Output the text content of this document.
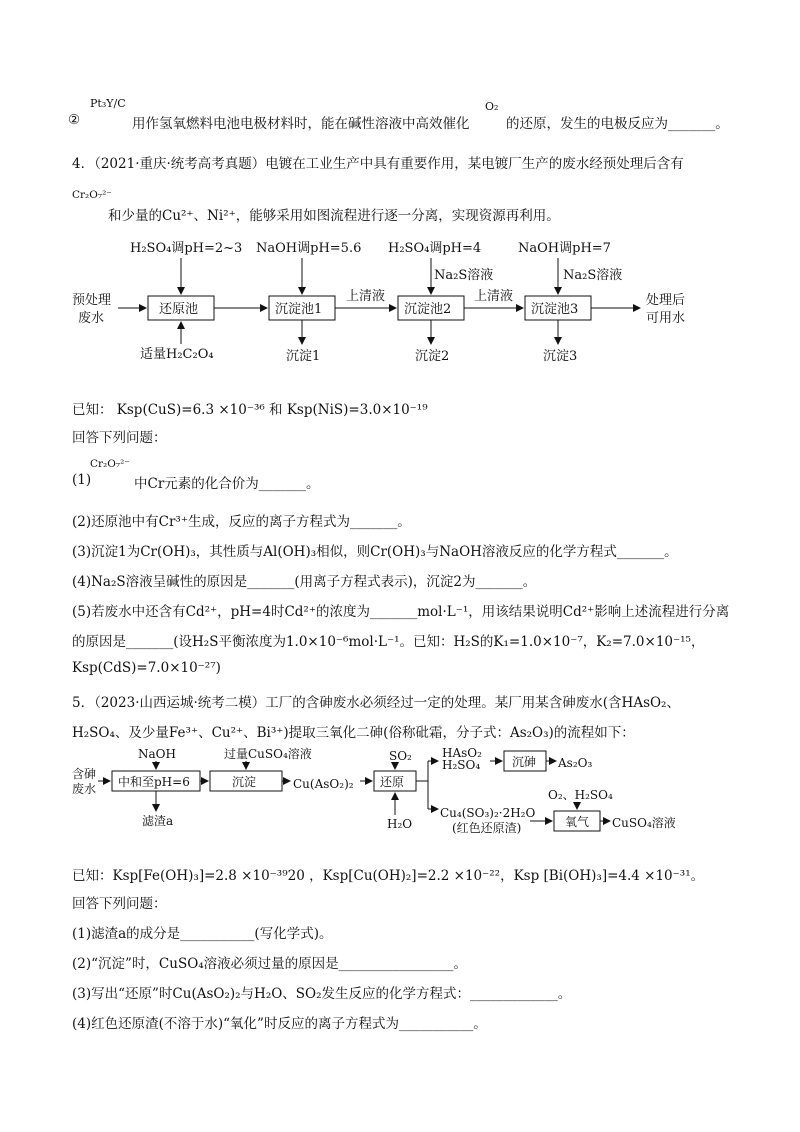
②
Pt₃Y/C
用作氢氧燃料电池电极材料时，能在碱性溶液中高效催化
O₂
的还原，发生的电极反应为_______。
4．（2021·重庆·统考高考真题）电镀在工业生产中具有重要作用，某电镀厂生产的废水经预处理后含有
Cr₂O₇²⁻
和少量的Cu²⁺、Ni²⁺，能够采用如图流程进行逐一分离，实现资源再利用。
预处理
废水
处理后
可用水
H₂SO₄调pH=2~3 NaOH调pH=5.6 H₂SO₄调pH=4	NaOH调pH=7
Na₂S溶液	Na₂S溶液
适量H₂C₂O₄
上清液	上清液
沉淀1	沉淀2	沉淀3
还原池	沉淀池1	沉淀池2	沉淀池3
已知： Ksp(CuS)=6.3 ×10⁻³⁶ 和 Ksp(NiS)=3.0×10⁻¹⁹
回答下列问题：
(1)
Cr₂O₇²⁻
中Cr元素的化合价为_______。
(2)还原池中有Cr³⁺生成，反应的离子方程式为_______。
(3)沉淀1为Cr(OH)₃，其性质与Al(OH)₃相似，则Cr(OH)₃与NaOH溶液反应的化学方程式_______。
(4)Na₂S溶液呈碱性的原因是_______(用离子方程式表示)，沉淀2为_______。
(5)若废水中还含有Cd²⁺，pH=4时Cd²⁺的浓度为_______mol·L⁻¹，用该结果说明Cd²⁺影响上述流程进行分离
的原因是_______(设H₂S平衡浓度为1.0×10⁻⁶mol·L⁻¹。已知：H₂S的K₁=1.0×10⁻⁷，K₂=7.0×10⁻¹⁵，
Ksp(CdS)=7.0×10⁻²⁷)
5．（2023·山西运城·统考二模）工厂的含砷废水必须经过一定的处理。某厂用某含砷废水(含HAsO₂、
H₂SO₄、及少量Fe³⁺、Cu²⁺、Bi³⁺)提取三氧化二砷(俗称砒霜，分子式：As₂O₃)的流程如下：
含砷
废水
NaOH	过量CuSO₄溶液
滤渣a
Cu(AsO₂)₂
SO₂
H₂O
HAsO₂
H₂SO₄	As₂O₃
Cu₄(SO₃)₂·2H₂O
(红色还原渣)
O₂、H₂SO₄
CuSO₄溶液
中和至pH=6	沉淀	还原
沉砷
氧气
已知：Ksp[Fe(OH)₃]=2.8 ×10⁻³⁹20 ，Ksp[Cu(OH)₂]=2.2 ×10⁻²²，Ksp [Bi(OH)₃]=4.4 ×10⁻³¹。
回答下列问题：
(1)滤渣a的成分是___________(写化学式)。
(2)“沉淀”时，CuSO₄溶液必须过量的原因是_________________。
(3)写出“还原”时Cu(AsO₂)₂与H₂O、SO₂发生反应的化学方程式：_____________。
(4)红色还原渣(不溶于水)“氧化”时反应的离子方程式为___________。
